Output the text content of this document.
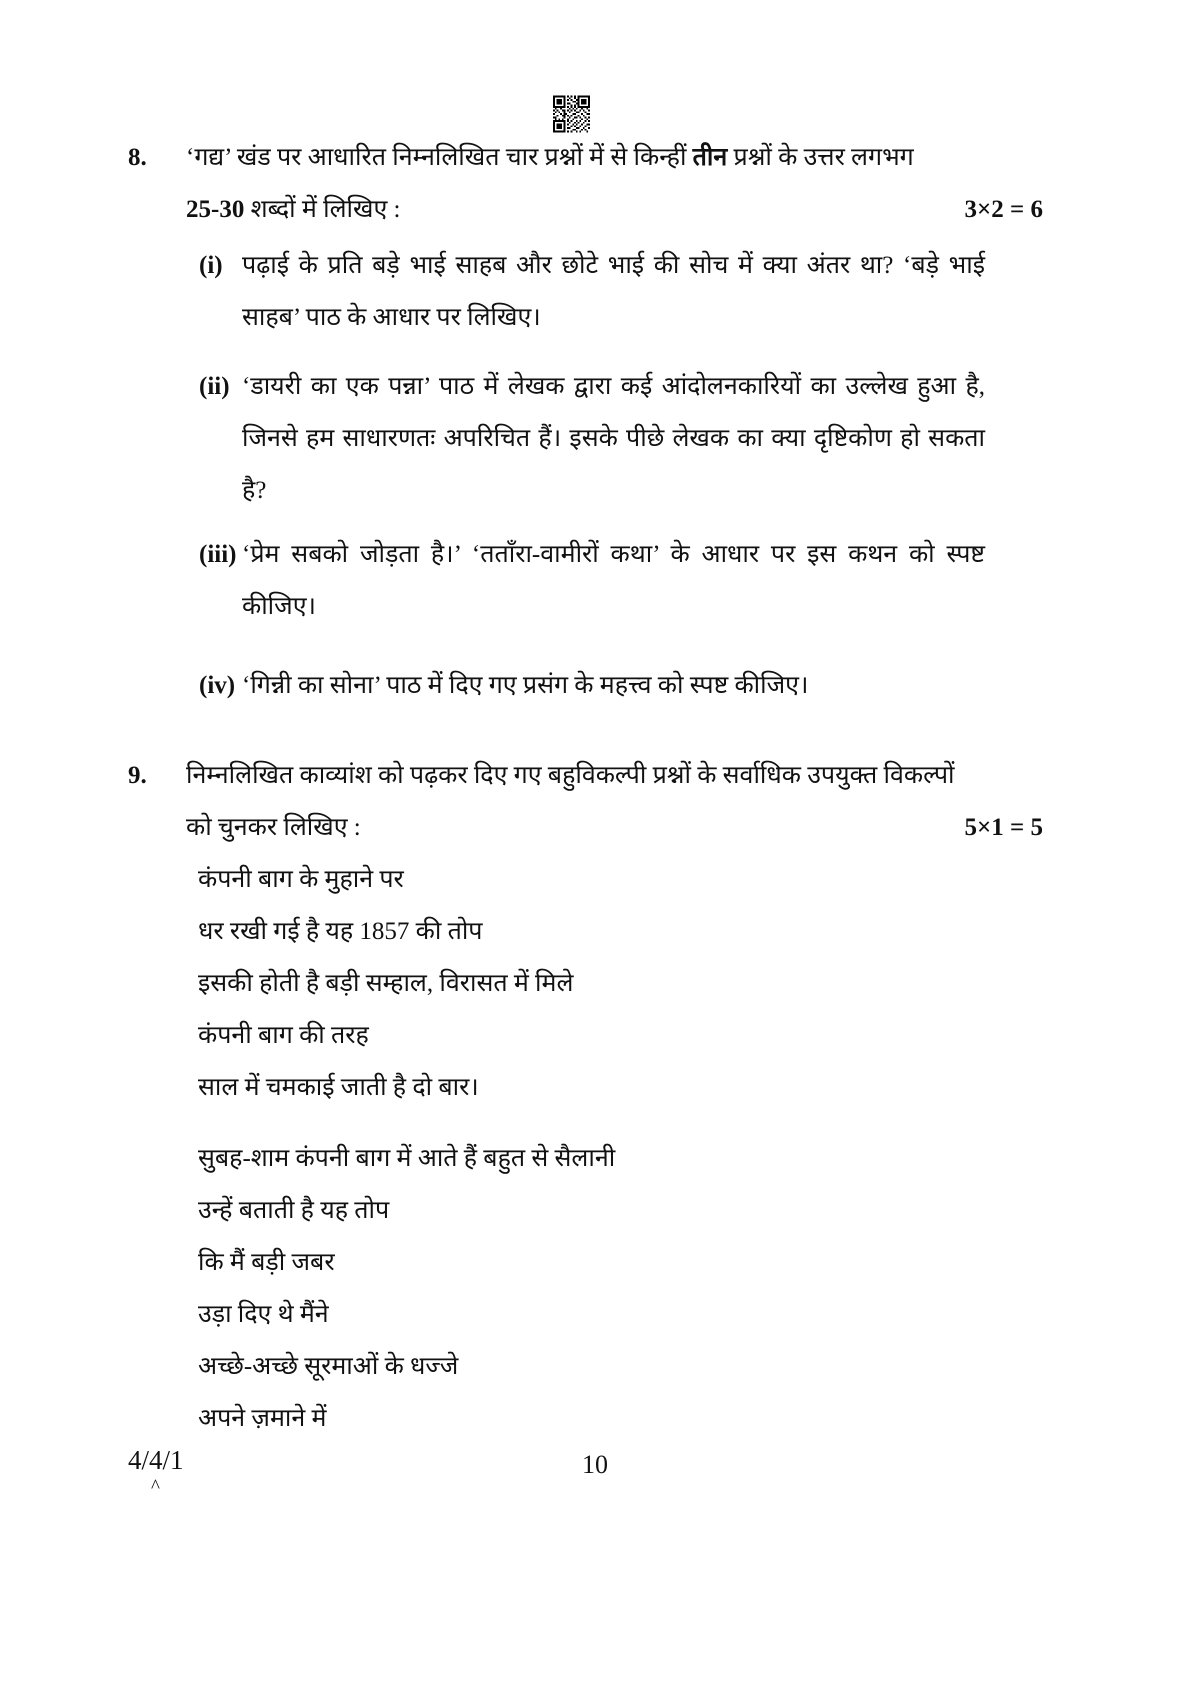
8.	‘गद्य’ खंड पर आधारित निम्नलिखित चार प्रश्नों में से किन्हीं तीन प्रश्नों के उत्तर लगभग

25-30 शब्दों में लिखिए :	3×2 = 6

(i) पढ़ाई के प्रति बड़े भाई साहब और छोटे भाई की सोच में क्या अंतर था? ‘बड़े भाई साहब’ पाठ के आधार पर लिखिए।
(ii) ‘डायरी का एक पन्ना’ पाठ में लेखक द्वारा कई आंदोलनकारियों का उल्लेख हुआ है, जिनसे हम साधारणतः अपरिचित हैं। इसके पीछे लेखक का क्या दृष्टिकोण हो सकता है?
(iii) ‘प्रेम सबको जोड़ता है।’ ‘तताँरा-वामीरों कथा’ के आधार पर इस कथन को स्पष्ट कीजिए।
(iv) ‘गिन्नी का सोना’ पाठ में दिए गए प्रसंग के महत्त्व को स्पष्ट कीजिए।
9.	निम्नलिखित काव्यांश को पढ़कर दिए गए बहुविकल्पी प्रश्नों के सर्वाधिक उपयुक्त विकल्पों

को चुनकर लिखिए :	5×1 = 5

कंपनी बाग के मुहाने पर
धर रखी गई है यह 1857 की तोप
इसकी होती है बड़ी सम्हाल, विरासत में मिले
कंपनी बाग की तरह
साल में चमकाई जाती है दो बार।
सुबह-शाम कंपनी बाग में आते हैं बहुत से सैलानी
उन्हें बताती है यह तोप
कि मैं बड़ी जबर
उड़ा दिए थे मैंने
अच्छे-अच्छे सूरमाओं के धज्जे
अपने ज़माने में
4/4/1
^
10
